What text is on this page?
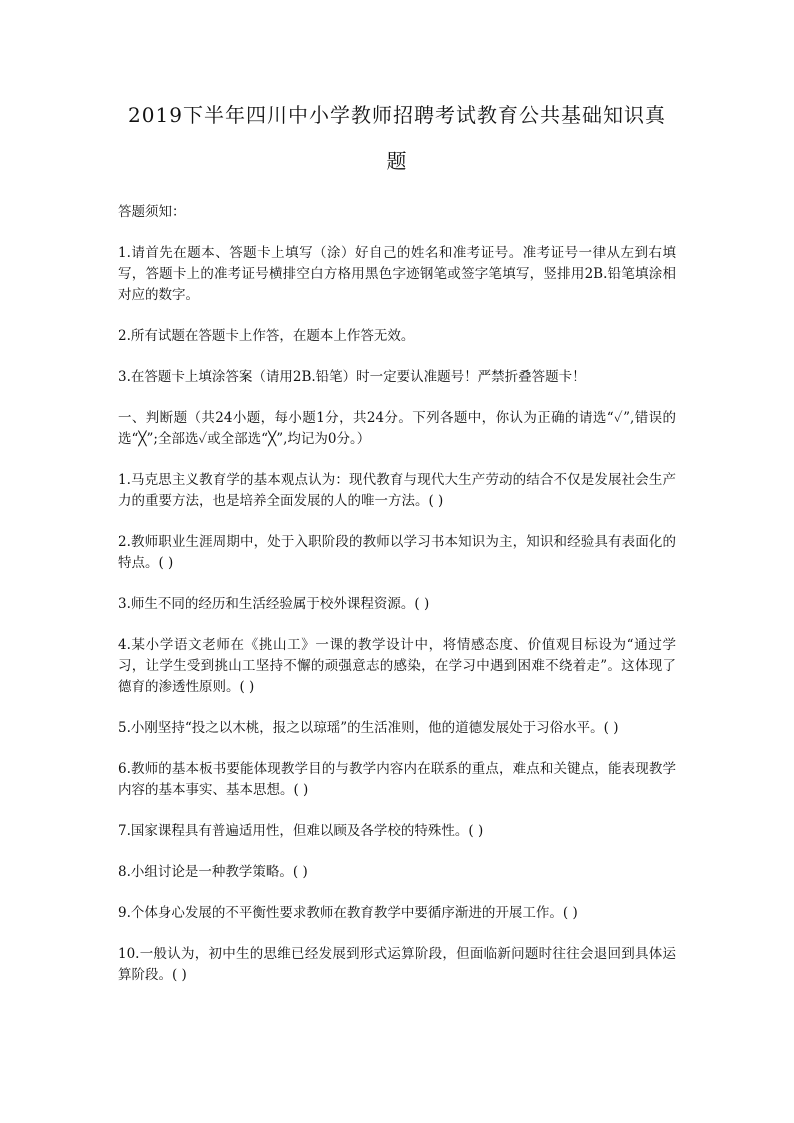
2019下半年四川中小学教师招聘考试教育公共基础知识真题

答题须知：

1.请首先在题本、答题卡上填写（涂）好自己的姓名和准考证号。准考证号一律从左到右填写，答题卡上的准考证号横排空白方格用黑色字迹钢笔或签字笔填写，竖排用2B.铅笔填涂相对应的数字。

2.所有试题在答题卡上作答，在题本上作答无效。

3.在答题卡上填涂答案（请用2B.铅笔）时一定要认准题号！严禁折叠答题卡！

一、判断题（共24小题，每小题1分，共24分。下列各题中，你认为正确的请选“✓”,错误的选“╳”;全部选✓或全部选“╳”,均记为0分。）

1.马克思主义教育学的基本观点认为：现代教育与现代大生产劳动的结合不仅是发展社会生产力的重要方法，也是培养全面发展的人的唯一方法。( )

2.教师职业生涯周期中，处于入职阶段的教师以学习书本知识为主，知识和经验具有表面化的特点。( )

3.师生不同的经历和生活经验属于校外课程资源。( )

4.某小学语文老师在《挑山工》一课的教学设计中，将情感态度、价值观目标设为“通过学习，让学生受到挑山工坚持不懈的顽强意志的感染，在学习中遇到困难不绕着走”。这体现了德育的渗透性原则。( )

5.小刚坚持“投之以木桃，报之以琼瑶”的生活准则，他的道德发展处于习俗水平。( )

6.教师的基本板书要能体现教学目的与教学内容内在联系的重点，难点和关键点，能表现教学内容的基本事实、基本思想。( )

7.国家课程具有普遍适用性，但难以顾及各学校的特殊性。( )

8.小组讨论是一种教学策略。( )

9.个体身心发展的不平衡性要求教师在教育教学中要循序渐进的开展工作。( )

10.一般认为，初中生的思维已经发展到形式运算阶段，但面临新问题时往往会退回到具体运算阶段。( )
